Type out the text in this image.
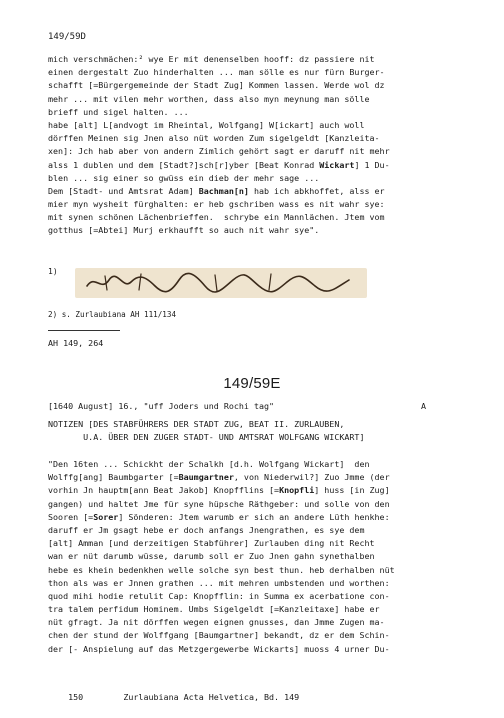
149/59D
mich verschmächen:² wye Er mit denenselben hooff: dz passiere nit
einen dergestalt Zuo hinderhalten ... man sölle es nur fürn Burger-
schafft [=Bürgergemeinde der Stadt Zug] Kommen lassen. Werde wol dz
mehr ... mit vilen mehr worthen, dass also myn meynung man sölle
brieff und sigel halten. ...
habe [alt] L[andvogt im Rheintal, Wolfgang] W[ickart] auch woll
dörffen Meinen sig Jnen also nüt worden Zum sigelgeldt [Kanzleita-
xen]: Jch hab aber von andern Zimlich gehört sagt er daruff nit mehr
alss 1 dublen und dem [Stadt?]sch[r]yber [Beat Konrad Wickart] 1 Du-
blen ... sig einer so gwüss ein dieb der mehr sage ...
Dem [Stadt- und Amtsrat Adam] Bachman[n] hab ich abkhoffet, alss er
mier myn wysheit fürghalten: er heb gschriben wass es nit wahr sye:
mit synen schönen Lächenbrieffen.  schrybe ein Mannlächen. Jtem vom
gotthus [=Abtei] Murj erkhaufft so auch nit wahr sye".
1)
2) s. Zurlaubiana AH 111/134
AH 149, 264
149/59E
[1640 August] 16., "uff Joders und Rochi tag"	A
NOTIZEN [DES STABFÜHRERS DER STADT ZUG, BEAT II. ZURLAUBEN,
U.A. ÜBER DEN ZUGER STADT- UND AMTSRAT WOLFGANG WICKART]
"Den 16ten ... Schickht der Schalkh [d.h. Wolfgang Wickart]  den
Wolffg[ang] Baumbgarter [=Baumgartner, von Niederwil?] Zuo Jmme (der
vorhin Jn hauptm[ann Beat Jakob] Knopfflins [=Knopfli] huss [in Zug]
gangen) und haltet Jme für syne hüpsche Räthgeber: und solle von den
Sooren [=Sorer] Sönderen: Jtem warumb er sich an andere Lüth henkhe:
daruff er Jm gsagt hebe er doch anfangs Jnengrathen, es sye dem
[alt] Amman [und derzeitigen Stabführer] Zurlauben ding nit Recht
wan er nüt darumb wüsse, darumb soll er Zuo Jnen gahn synethalben
hebe es khein bedenkhen welle solche syn best thun. heb derhalben nüt
thon als was er Jnnen grathen ... mit mehren umbstenden und worthen:
quod mihi hodie retulit Cap: Knopfflin: in Summa ex acerbatione con-
tra talem perfidum Hominem. Umbs Sigelgeldt [=Kanzleitaxe] habe er
nüt gfragt. Ja nit dörffen wegen eignen gnusses, dan Jmme Zugen ma-
chen der stund der Wolffgang [Baumgartner] bekandt, dz er dem Schin-
der [- Anspielung auf das Metzgergewerbe Wickarts] muoss 4 urner Du-

150	Zurlaubiana Acta Helvetica, Bd. 149
